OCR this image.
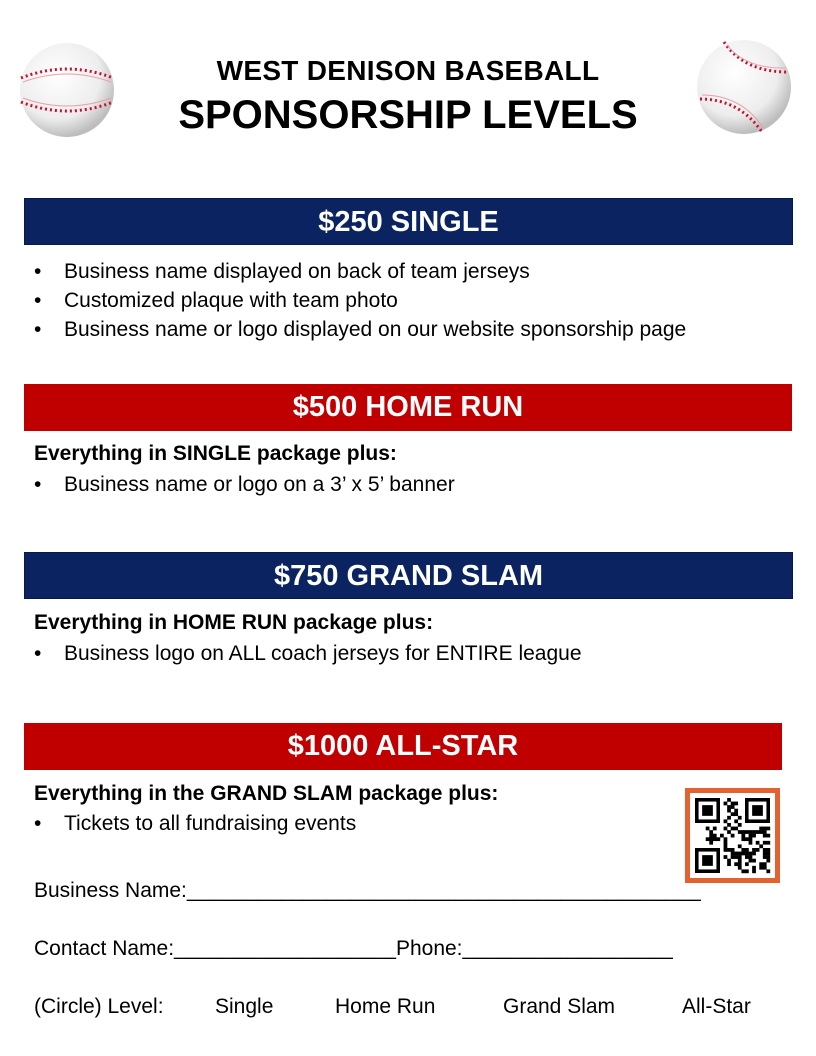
WEST DENISON BASEBALL
SPONSORSHIP LEVELS
$250 SINGLE
• Business name displayed on back of team jerseys
• Customized plaque with team photo
• Business name or logo displayed on our website sponsorship page
$500 HOME RUN
Everything in SINGLE package plus:
• Business name or logo on a 3’ x 5’ banner
$750 GRAND SLAM
Everything in HOME RUN package plus:
• Business logo on ALL coach jerseys for ENTIRE league
$1000 ALL-STAR
Everything in the GRAND SLAM package plus:
• Tickets to all fundraising events
Business Name:____________________________________________
Contact Name:___________________Phone:__________________
(Circle) Level: Single	Home Run	Grand Slam	All-Star
